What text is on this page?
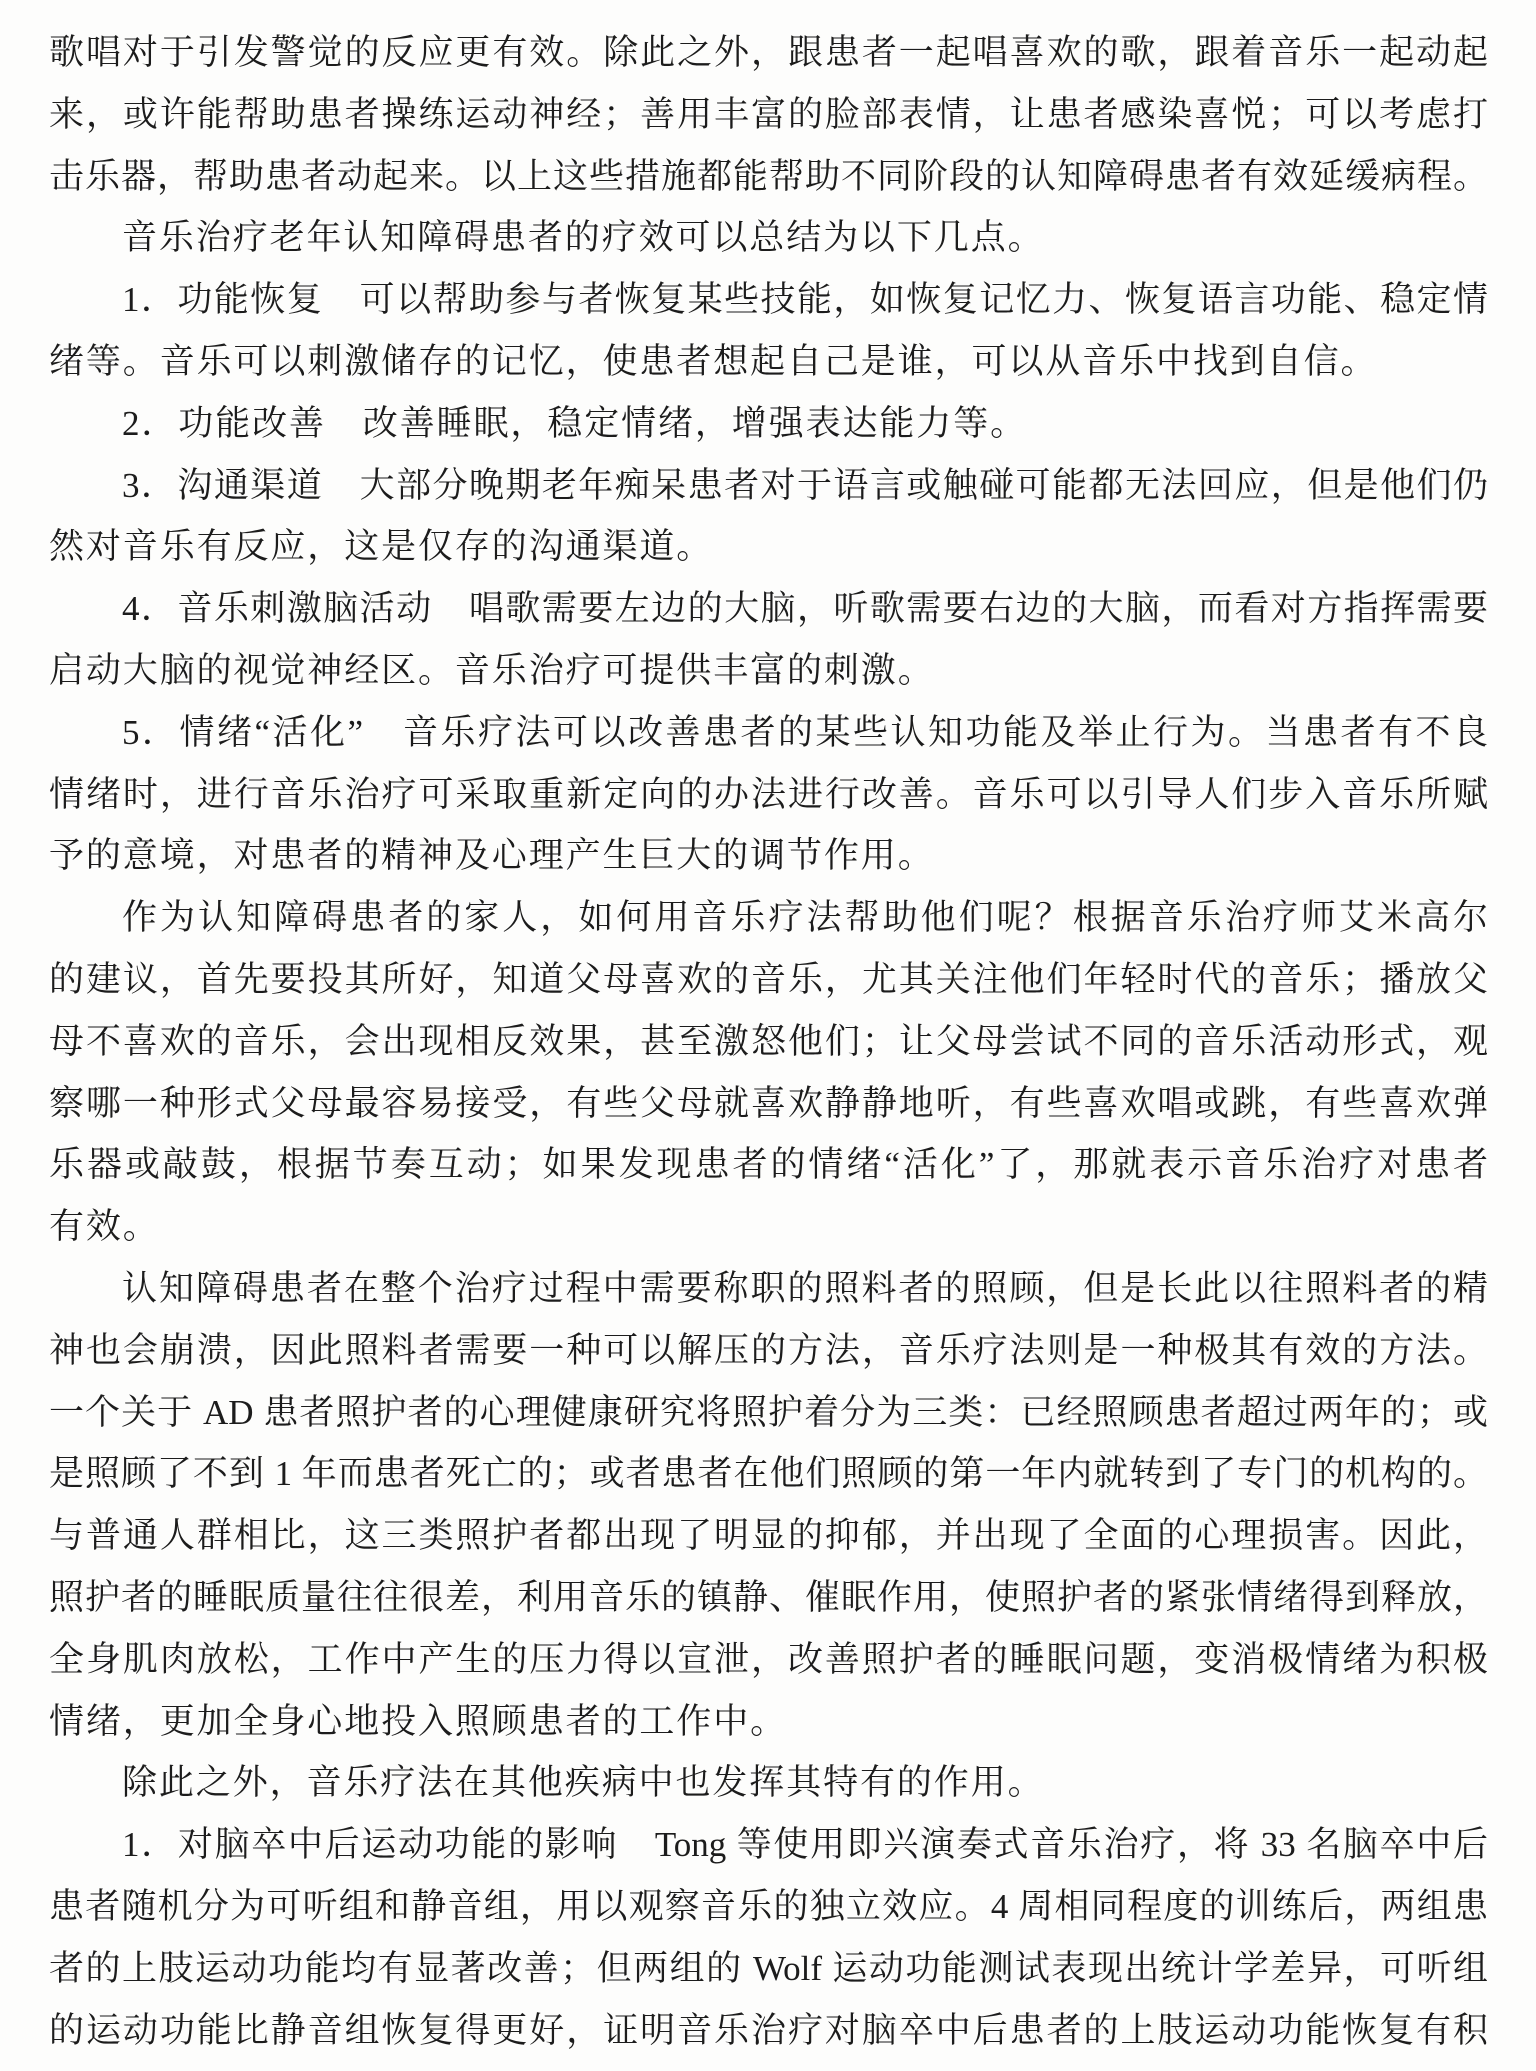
歌唱对于引发警觉的反应更有效。除此之外，跟患者一起唱喜欢的歌，跟着音乐一起动起
来，或许能帮助患者操练运动神经；善用丰富的脸部表情，让患者感染喜悦；可以考虑打
击乐器，帮助患者动起来。以上这些措施都能帮助不同阶段的认知障碍患者有效延缓病程。
音乐治疗老年认知障碍患者的疗效可以总结为以下几点。
1．功能恢复　可以帮助参与者恢复某些技能，如恢复记忆力、恢复语言功能、稳定情
绪等。音乐可以刺激储存的记忆，使患者想起自己是谁，可以从音乐中找到自信。
2．功能改善　改善睡眠，稳定情绪，增强表达能力等。
3．沟通渠道　大部分晚期老年痴呆患者对于语言或触碰可能都无法回应，但是他们仍
然对音乐有反应，这是仅存的沟通渠道。
4．音乐刺激脑活动　唱歌需要左边的大脑，听歌需要右边的大脑，而看对方指挥需要
启动大脑的视觉神经区。音乐治疗可提供丰富的刺激。
5．情绪“活化”　音乐疗法可以改善患者的某些认知功能及举止行为。当患者有不良
情绪时，进行音乐治疗可采取重新定向的办法进行改善。音乐可以引导人们步入音乐所赋
予的意境，对患者的精神及心理产生巨大的调节作用。
作为认知障碍患者的家人，如何用音乐疗法帮助他们呢？根据音乐治疗师艾米高尔
的建议，首先要投其所好，知道父母喜欢的音乐，尤其关注他们年轻时代的音乐；播放父
母不喜欢的音乐，会出现相反效果，甚至激怒他们；让父母尝试不同的音乐活动形式，观
察哪一种形式父母最容易接受，有些父母就喜欢静静地听，有些喜欢唱或跳，有些喜欢弹
乐器或敲鼓，根据节奏互动；如果发现患者的情绪“活化”了，那就表示音乐治疗对患者
有效。
认知障碍患者在整个治疗过程中需要称职的照料者的照顾，但是长此以往照料者的精
神也会崩溃，因此照料者需要一种可以解压的方法，音乐疗法则是一种极其有效的方法。
一个关于 AD 患者照护者的心理健康研究将照护着分为三类：已经照顾患者超过两年的；或
是照顾了不到 1 年而患者死亡的；或者患者在他们照顾的第一年内就转到了专门的机构的。
与普通人群相比，这三类照护者都出现了明显的抑郁，并出现了全面的心理损害。因此，
照护者的睡眠质量往往很差，利用音乐的镇静、催眠作用，使照护者的紧张情绪得到释放，
全身肌肉放松，工作中产生的压力得以宣泄，改善照护者的睡眠问题，变消极情绪为积极
情绪，更加全身心地投入照顾患者的工作中。
除此之外，音乐疗法在其他疾病中也发挥其特有的作用。
1．对脑卒中后运动功能的影响　Tong 等使用即兴演奏式音乐治疗，将 33 名脑卒中后
患者随机分为可听组和静音组，用以观察音乐的独立效应。4 周相同程度的训练后，两组患
者的上肢运动功能均有显著改善；但两组的 Wolf 运动功能测试表现出统计学差异，可听组
的运动功能比静音组恢复得更好，证明音乐治疗对脑卒中后患者的上肢运动功能恢复有积
